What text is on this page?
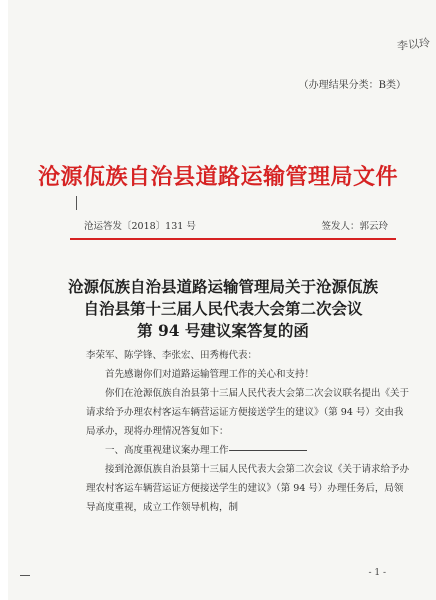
李以玲
（办理结果分类：B类）
沧源佤族自治县道路运输管理局文件
沧运答发〔2018〕131 号	签发人：郭云玲
沧源佤族自治县道路运输管理局关于沧源佤族
自治县第十三届人民代表大会第二次会议
第 94 号建议案答复的函

李荣军、陈学锋、李张宏、田秀梅代表：

首先感谢你们对道路运输管理工作的关心和支持！

你们在沧源佤族自治县第十三届人民代表大会第二次会议联名提出《关于请求给予办理农村客运车辆营运证方便接送学生的建议》（第 94 号）交由我局承办，现将办理情况答复如下：

一、高度重视建议案办理工作

接到沧源佤族自治县第十三届人民代表大会第二次会议《关于请求给予办理农村客运车辆营运证方便接送学生的建议》（第 94 号）办理任务后，局领导高度重视，成立工作领导机构，制

- 1 -
